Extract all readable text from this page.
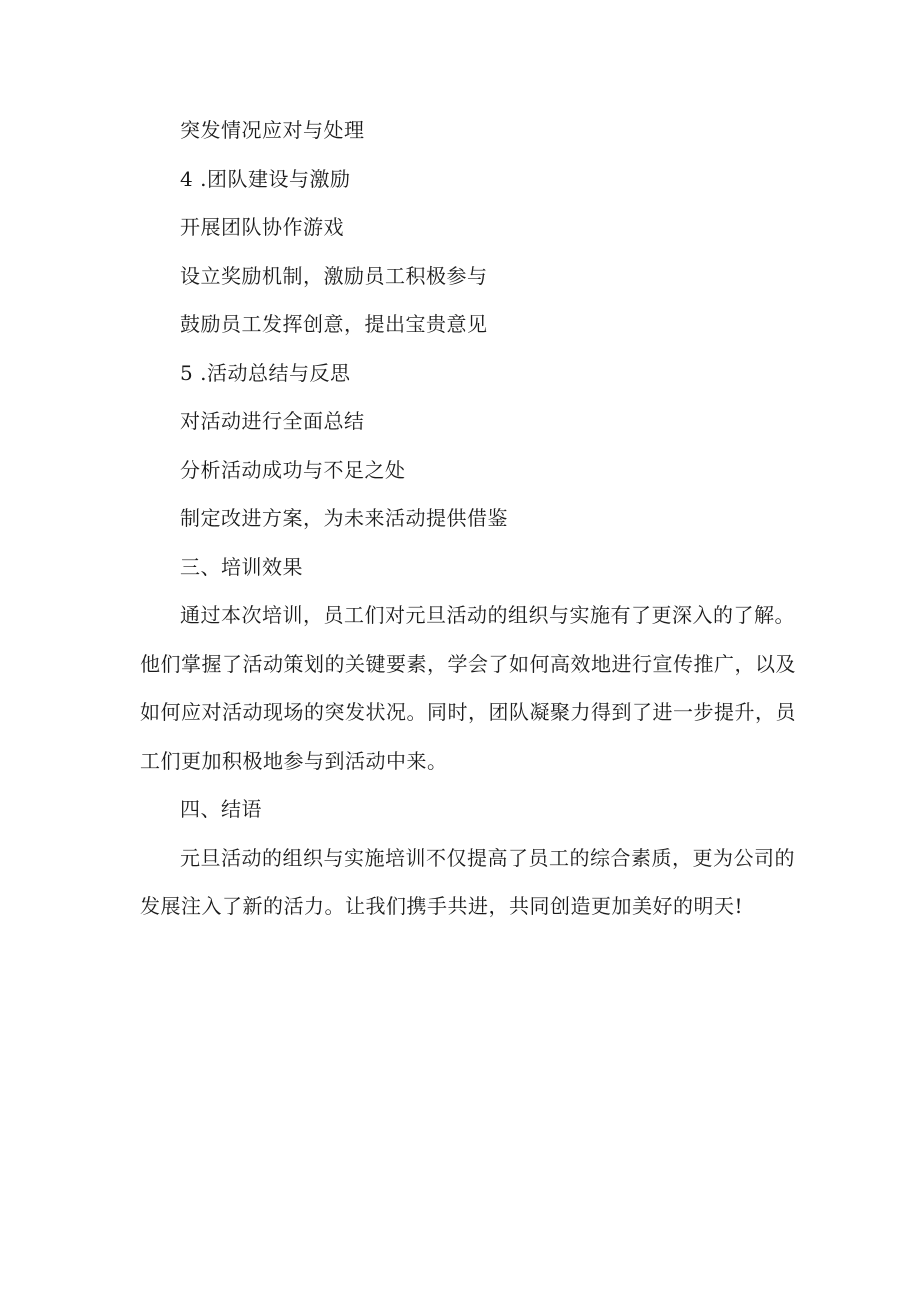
突发情况应对与处理
4 .团队建设与激励
开展团队协作游戏
设立奖励机制，激励员工积极参与
鼓励员工发挥创意，提出宝贵意见
5 .活动总结与反思
对活动进行全面总结
分析活动成功与不足之处
制定改进方案，为未来活动提供借鉴
三、培训效果
通过本次培训，员工们对元旦活动的组织与实施有了更深入的了解。
他们掌握了活动策划的关键要素，学会了如何高效地进行宣传推广，以及
如何应对活动现场的突发状况。同时，团队凝聚力得到了进一步提升，员
工们更加积极地参与到活动中来。
四、结语
元旦活动的组织与实施培训不仅提高了员工的综合素质，更为公司的
发展注入了新的活力。让我们携手共进，共同创造更加美好的明天!
